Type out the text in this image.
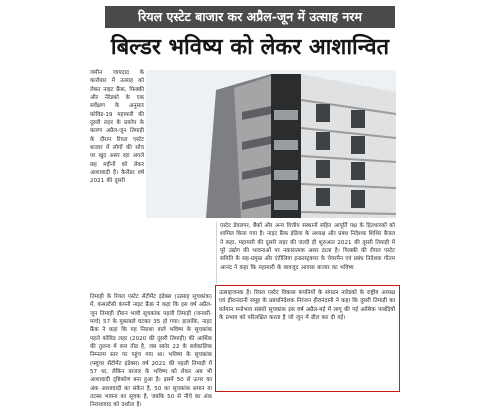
रियल एस्टेट बाजार कर अप्रैल-जून में उत्साह नरम
बिल्डर भविष्य को लेकर आशान्वित
जमीन जायदाद के कारोबार में उत्साह को लेकर नाइट फ्रैंक, फिक्की और नेरेडको के एक सर्वेक्षण के अनुसार कोविड-19 महामारी की दूसरी लहर के प्रकोप के कारण अप्रैल-जून तिमाही के दौरान रियल एस्टेट बाजार में लोगों की सोच पर खुद असर रहा अगले छह महीनों को लेकर आशावादी है। कैलेंडर वर्ष 2021 की दूसरी
एस्टेट डेवलपर, बैंकों और अन्य वित्तीय संस्थानों सहित आपूर्ति पक्ष के हितधारकों को शामिल किया गया है। नाइट फ्रैंक इंडिया के अध्यक्ष और प्रबंध निदेशक शिशिर बैजल ने कहा, महामारी की दूसरी लहर की जल्दी ही शुरुआत 2021 की दूसरी तिमाही में पूरे उद्योग की भावनाओं पर नकारात्मक असर डाला है। फिक्की की रीयल एस्टेट समिति के सह-प्रमुख और एंटीलिया इन्फ्रास्ट्रक्चर के चेयरमैन एवं प्रबंध निदेशक गौतम आनंद ने कहा कि महामारी के बावजूद आवास बाजार का भविष्य
तिमाही के रियल एस्टेट सेंटीमेंट इंडेक्स (उत्साह सूचकांक) में, कंसल्टेंसी कंपनी नाइट फ्रैंक ने कहा कि इस वर्ष अप्रैल-जून तिमाही दौरान भावी सूचकांक पहली तिमाही (जनवरी-मार्च) 57 के मुकाबले घटकर 35 हो गया। हालांकि, नाइट फ्रैंक ने कहा कि यह निराशा वाले भविष्य के सूचकांक पहले कोविड लहर (2020 की दूसरी तिमाही) की आर्थिक की तुलना में कम तीव्र है, जब स्कोर 22 के सर्वकालिक निम्नतम स्तर पर पहुंच गया था। भविष्य के सूचकांक (फ्यूचर सेंटीमेंट इंडेक्स) वर्ष 2021 की पहली तिमाही में 57 था, लेकिन बाजार के भविष्य को लेकर अब भी आशावादी दृष्टिकोण बना हुआ है। इसमें 50 से ऊपर का अंक आशावादी का संकेत है, 50 का सूचकांक समान या तटस्थ भावना का सूचक है, जबकि 50 से नीचे का अंक निराशावाद को दर्शाता है।
उत्साहजनक है। रियल एस्टेट विकास कंपनियों के संगठन नारेडको के राष्ट्रीय अध्यक्ष एवं हीरानंदानी समूह के प्रबंधनिदेशक निरंजन हीरानंदानी ने कहा कि दूसरी तिमाही का वर्तमान मनोभाव संबंधी सूचकांक इस वर्ष अप्रैल-मई में लागू की गई आंशिक पाबंदियों के प्रभाव को परिलक्षित करता है जो जून में ढील कर दी गईं।
